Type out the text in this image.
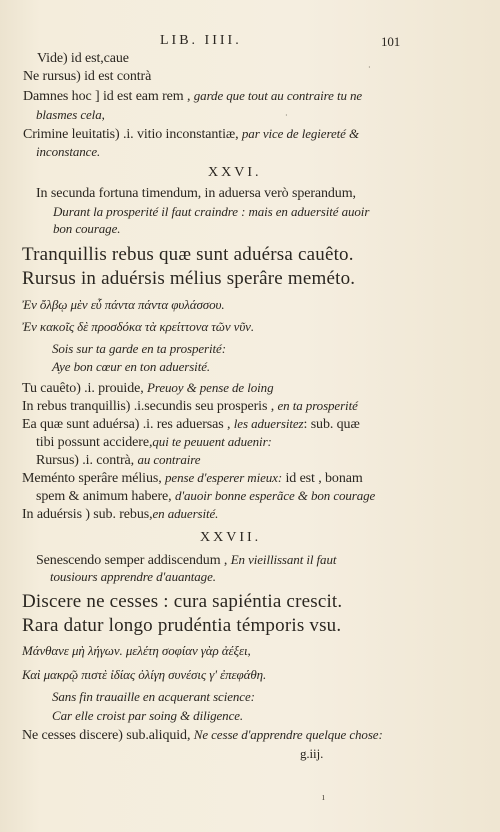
LIB. IIII.	101
·
·
Vide) id est,caue
Ne rursus) id est contrà
Damnes hoc ] id est eam rem , garde que tout au contraire tu ne
blasmes cela,
Crimine leuitatis) .i. vitio inconstantiæ, par vice de legiereté &
inconstance.
XXVI.
In secunda fortuna timendum, in aduersa verò sperandum,
Durant la prosperité il faut craindre : mais en aduersité auoir
bon courage.
Tranquillis rebus quæ sunt aduérsa cauêto.
Rursus in aduérsis mélius sperâre meméto.
Ἐν ὄλβῳ μὲν εὖ πάντα πάντα φυλάσσου.
Ἐν κακοῖς δὲ προσδόκα τὰ κρείττονα τῶν νῦν.
Sois sur ta garde en ta prosperité:
Aye bon cœur en ton aduersité.
Tu cauêto) .i. prouide, Preuoy & pense de loing
In rebus tranquillis) .i.secundis seu prosperis , en ta prosperité
Ea quæ sunt aduérsa) .i. res aduersas , les aduersitez: sub. quæ
tibi possunt accidere,qui te peuuent aduenir:
Rursus) .i. contrà, au contraire
Meménto sperâre mélius, pense d'esperer mieux: id est , bonam
spem & animum habere, d'auoir bonne esperãce & bon courage
In aduérsis ) sub. rebus,en aduersité.
XXVII.
Senescendo semper addiscendum , En vieillissant il faut
tousiours apprendre d'auantage.
Discere ne cesses : cura sapiéntia crescit.
Rara datur longo prudéntia témporis vsu.
Μάνθανε μὴ λήγων. μελέτη σοφίαν γὰρ ἀέξει,
Καὶ μακρῷ πιστὲ ἰδίας ὀλίγη συνέσις γ' ἐπεφάθη.
Sans fin trauaille en acquerant science:
Car elle croist par soing & diligence.
Ne cesses discere) sub.aliquid, Ne cesse d'apprendre quelque chose:
g.iij.
ı
